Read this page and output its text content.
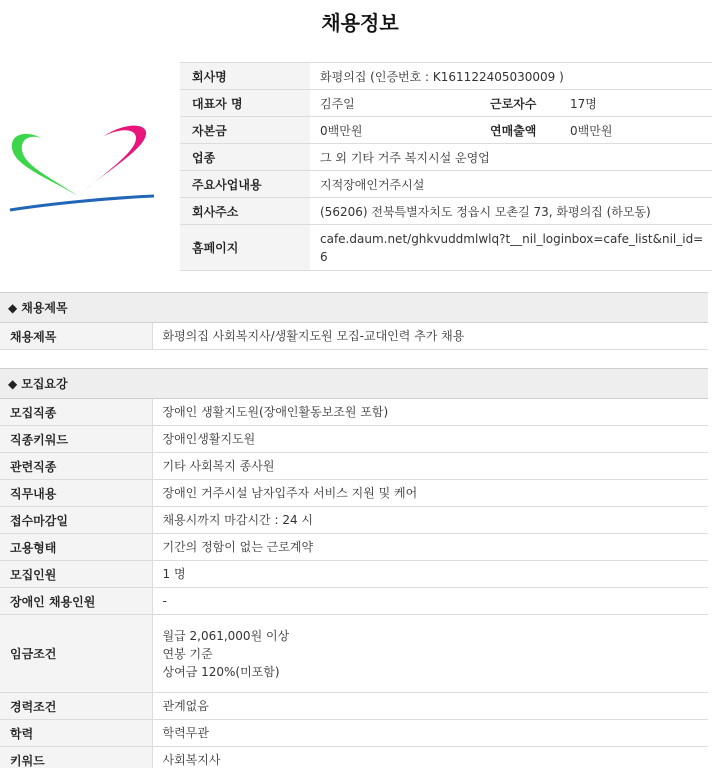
채용정보
회사명	화평의집 (인증번호 : K161122405030009 )		
대표자 명	김주일	근로자수	17명
자본금	0백만원	연매출액	0백만원
업종	그 외 기타 거주 복지시설 운영업		
주요사업내용	지적장애인거주시설		
회사주소	(56206) 전북특별자치도 정읍시 모촌길 73, 화평의집 (하모동)		
홈페이지	cafe.daum.net/ghkvuddmlwlq?t__nil_loginbox=cafe_list&nil_id=6		
◆ 채용제목
채용제목	화평의집 사회복지사/생활지도원 모집-교대인력 추가 채용
◆ 모집요강	
모집직종	장애인 생활지도원(장애인활동보조원 포함)
직종키워드	장애인생활지도원
관련직종	기타 사회복지 종사원
직무내용	장애인 거주시설 남자입주자 서비스 지원 및 케어
접수마감일	채용시까지 마감시간 : 24 시
고용형태	기간의 정함이 없는 근로계약
모집인원	1 명
장애인 채용인원	-
임금조건	월급 2,061,000원 이상
연봉 기준
상여금 120%(미포함)

경력조건	관계없음
학력	학력무관
키워드	사회복지사
